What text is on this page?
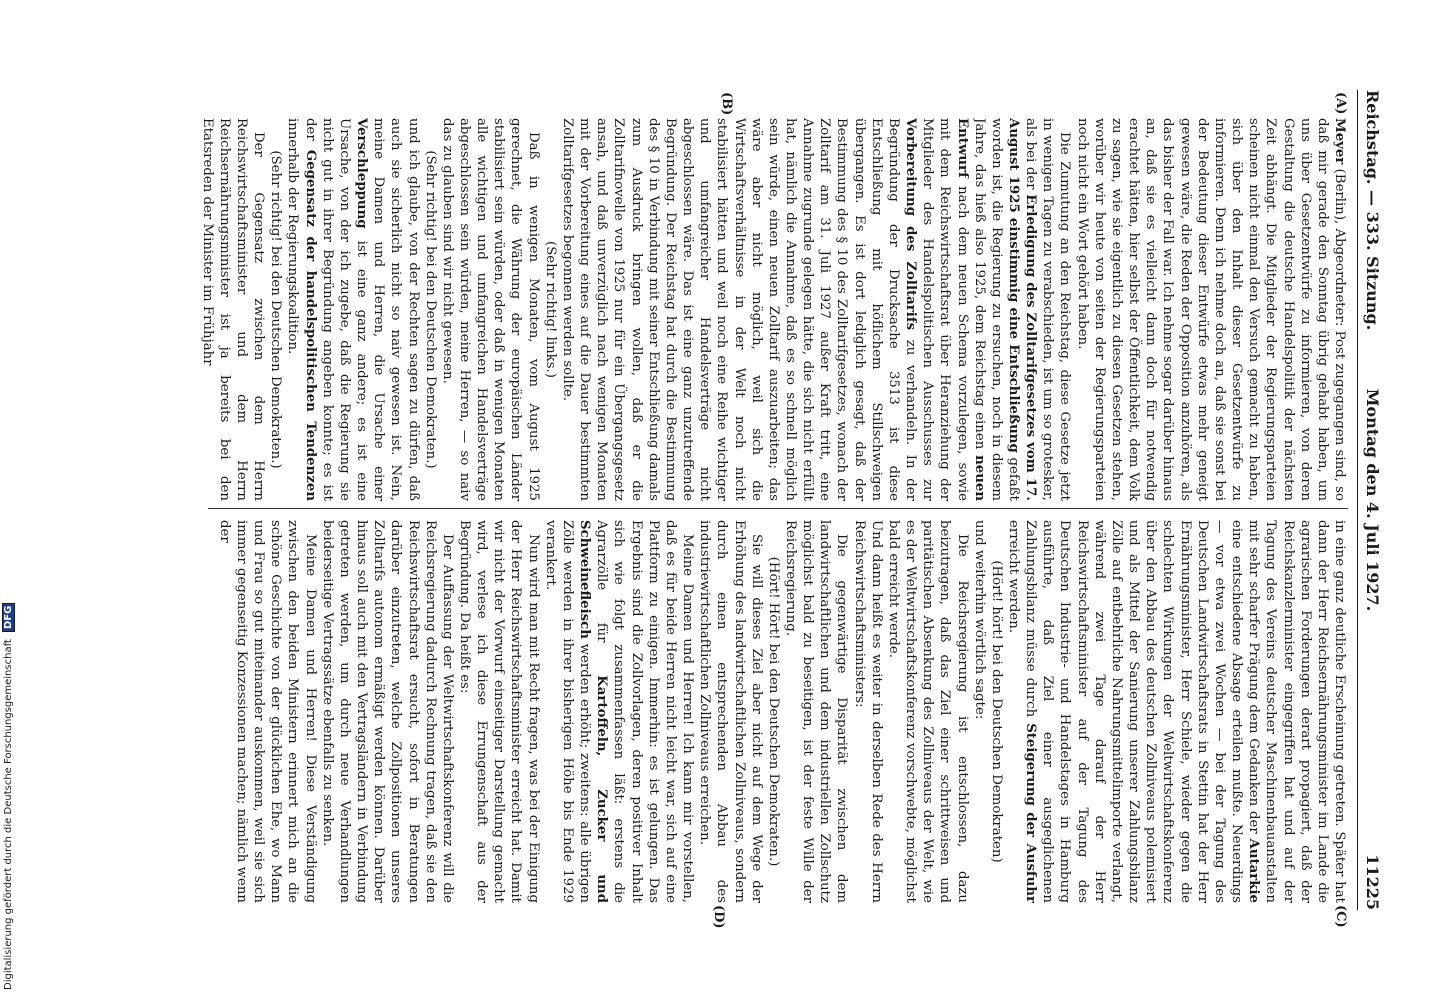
Reichstag. — 333. Sitzung.
Montag den 4. Juli 1927.
11225
(A)
(B)
(C)
(D)

Meyer (Berlin), Abgeordneter: Post zugegangen sind, so daß mir gerade den Sonntag übrig gehabt haben, um uns über Gesetzentwürfe zu informieren, von deren Gestaltung die deutsche Handelspolitik der nächsten Zeit abhängt. Die Mitglieder der Regierungsparteien scheinen nicht einmal den Versuch gemacht zu haben, sich über den Inhalt dieser Gesetzentwürfe zu informieren. Denn ich nehme doch an, daß sie sonst bei der Bedeutung dieser Entwürfe etwas mehr geneigt gewesen wäre, die Reden der Opposition anzuhören, als das bisher der Fall war. Ich nehme sogar darüber hinaus an, daß sie es vielleicht dann doch für notwendig erachtet hätten, hier selbst der Öffentlichkeit, dem Volk zu sagen, wie sie eigentlich zu diesen Gesetzen stehen, worüber wir heute von seiten der Regierungsparteien noch nicht ein Wort gehört haben.

Die Zumutung an den Reichstag, diese Gesetze jetzt in wenigen Tagen zu verabschieden, ist um so grotesker, als bei der Erledigung des Zolltarifgesetzes vom 17. August 1925 einstimmig eine Entschließung gefaßt worden ist, die Regierung zu ersuchen, noch in diesem Jahre, das hieß also 1925, dem Reichstag einen neuen Entwurf nach dem neuen Schema vorzulegen, sowie mit dem Reichswirtschaftsrat über Heranziehung der Mitglieder des Handelspolitischen Ausschusses zur Vorbereitung des Zolltarifs zu verhandeln. In der Begründung der Drucksache 3513 ist diese Entschließung mit höflichem Stillschweigen übergangen. Es ist dort lediglich gesagt, daß der Bestimmung des § 10 des Zolltarifgesetzes, wonach der Zolltarif am 31. Juli 1927 außer Kraft tritt, eine Annahme zugrunde gelegen hätte, die sich nicht erfüllt hat, nämlich die Annahme, daß es so schnell möglich sein würde, einen neuen Zolltarif auszuarbeiten; das wäre aber nicht möglich, weil sich die Wirtschaftsverhältnisse in der Welt noch nicht stabilisiert hätten und weil noch eine Reihe wichtiger und umfangreicher Handelsverträge nicht abgeschlossen wäre. Das ist eine ganz unzutreffende Begründung. Der Reichstag hat durch die Bestimmung des § 10 in Verbindung mit seiner Entschließung damals zum Ausdruck bringen wollen, daß er die Zolltarifnovelle von 1925 nur für ein Übergangsgesetz ansah, und daß unverzüglich nach wenigen Monaten mit der Vorbereitung eines auf die Dauer bestimmten Zolltarifgesetzes begonnen werden sollte.

(Sehr richtig! links.)

Daß in wenigen Monaten, vom August 1925 gerechnet, die Währung der europäischen Länder stabilisiert sein würden, oder daß in wenigen Monaten alle wichtigen und umfangreichen Handelsverträge abgeschlossen sein würden, meine Herren, — so naiv das zu glauben sind wir nicht gewesen.

(Sehr richtig! bei den Deutschen Demokraten.)

und ich glaube, von der Rechten sagen zu dürfen, daß auch sie sicherlich nicht so naiv gewesen ist. Nein, meine Damen und Herren, die Ursache einer Verschleppung ist eine ganz andere; es ist eine Ursache, von der ich zugebe, daß die Regierung sie nicht gut in ihrer Begründung angeben konnte; es ist der Gegensatz der handelspolitischen Tendenzen innerhalb der Regierungskoalition.

(Sehr richtig! bei den Deutschen Demokraten.)

Der Gegensatz zwischen dem Herrn Reichswirtschaftsminister und dem Herrn Reichsernährungsminister ist ja bereits bei den Etatsreden der Minister im Frühjahr

in eine ganz deutliche Erscheinung getreten. Später hat dann der Herr Reichsernährungsminister im Lande die agrarischen Forderungen derart propagiert, daß der Reichskanzlerminister eingegriffen hat und auf der Tagung des Vereins deutscher Maschinenbauanstalten mit sehr scharfer Prägung dem Gedanken der Autarkie eine entschiedene Absage erteilen mußte. Neuerdings — vor etwa zwei Wochen — bei der Tagung des Deutschen Landwirtschaftsrats in Stettin hat der Herr Ernährungsminister, Herr Schiele, wieder gegen die schlechten Wirkungen der Weltwirtschaftskonferenz über den Abbau des deutschen Zollniveaus polemisiert und als Mittel der Sanierung unserer Zahlungsbilanz Zölle auf entbehrliche Nahrungsmittelimporte verlangt, während zwei Tage darauf der Herr Reichswirtschaftsminister auf der Tagung des Deutschen Industrie- und Handelstages in Hamburg ausführte, daß Ziel einer ausgeglichenen Zahlungsbilanz müsse durch Steigerung der Ausfuhr erreicht werden.

(Hört! hört! bei den Deutschen Demokraten)

und weiterhin wörtlich sagte:

Die Reichsregierung ist entschlossen, dazu beizutragen, daß das Ziel einer schrittweisen und paritätischen Absenkung des Zollniveaus der Welt, wie es der Weltwirtschaftskonferenz vorschwebte, möglichst bald erreicht werde.

Und dann heißt es weiter in derselben Rede des Herrn Reichswirtschaftsministers:

Die gegenwärtige Disparität zwischen dem landwirtschaftlichen und dem industriellen Zollschutz möglichst bald zu beseitigen, ist der feste Wille der Reichsregierung.

(Hört! Hört! bei den Deutschen Demokraten.)

Sie will dieses Ziel aber nicht auf dem Wege der Erhöhung des landwirtschaftlichen Zollniveaus, sondern durch einen entsprechenden Abbau des industriewirtschaftlichen Zollniveaus erreichen.

Meine Damen und Herren! Ich kann mir vorstellen, daß es für beide Herren nicht leicht war, sich auf eine Plattform zu einigen. Immerhin: es ist gelungen. Das Ergebnis sind die Zollvorlagen, deren positiver Inhalt sich wie folgt zusammenfassen läßt: erstens die Agrarzölle für Kartoffeln, Zucker und Schweinefleisch werden erhöht; zweitens: alle übrigen Zölle werden in ihrer bisherigen Höhe bis Ende 1929 verankert.

Nun wird man mit Recht fragen, was bei der Einigung der Herr Reichswirtschaftsminister erreicht hat. Damit wir nicht der Vorwurf einseitiger Darstellung gemacht wird, verlese ich diese Errungenschaft aus der Begründung. Da heißt es:

Der Auffassung der Weltwirtschaftskonferenz will die Reichsregierung dadurch Rechnung tragen, daß sie den Reichswirtschaftsrat ersucht, sofort in Beratungen darüber einzutreten, welche Zollpositionen unseres Zolltarifs autonom ermäßigt werden können. Darüber hinaus soll auch mit den Vertragsländern in Verbindung getreten werden, um durch neue Verhandlungen beiderseitige Vertragssätze ebenfalls zu senken.

Meine Damen und Herren! Diese Verständigung zwischen den beiden Ministern erinnert mich an die schöne Geschichte von der glücklichen Ehe, wo Mann und Frau so gut miteinander auskommen, weil sie sich immer gegenseitig Konzessionen machen; nämlich wenn der

Digitalisierung gefördert durch die Deutsche Forschungsgemeinschaft DFG
